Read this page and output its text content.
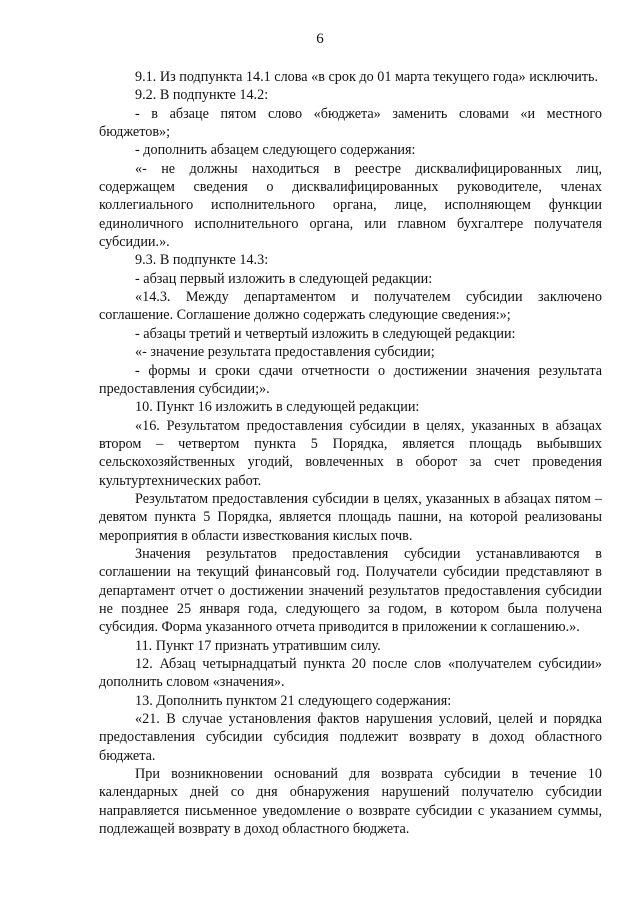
6

9.1. Из подпункта 14.1 слова «в срок до 01 марта текущего года» исключить.

9.2. В подпункте 14.2:

- в абзаце пятом слово «бюджета» заменить словами «и местного бюджетов»;

- дополнить абзацем следующего содержания:

«- не должны находиться в реестре дисквалифицированных лиц, содержащем сведения о дисквалифицированных руководителе, членах коллегиального исполнительного органа, лице, исполняющем функции единоличного исполнительного органа, или главном бухгалтере получателя субсидии.».

9.3. В подпункте 14.3:

- абзац первый изложить в следующей редакции:

«14.3. Между департаментом и получателем субсидии заключено соглашение. Соглашение должно содержать следующие сведения:»;

- абзацы третий и четвертый изложить в следующей редакции:

«- значение результата предоставления субсидии;

- формы и сроки сдачи отчетности о достижении значения результата предоставления субсидии;».

10. Пункт 16 изложить в следующей редакции:

«16. Результатом предоставления субсидии в целях, указанных в абзацах втором – четвертом пункта 5 Порядка, является площадь выбывших сельскохозяйственных угодий, вовлеченных в оборот за счет проведения культуртехнических работ.

Результатом предоставления субсидии в целях, указанных в абзацах пятом – девятом пункта 5 Порядка, является площадь пашни, на которой реализованы мероприятия в области известкования кислых почв.

Значения результатов предоставления субсидии устанавливаются в соглашении на текущий финансовый год. Получатели субсидии представляют в департамент отчет о достижении значений результатов предоставления субсидии не позднее 25 января года, следующего за годом, в котором была получена субсидия. Форма указанного отчета приводится в приложении к соглашению.».

11. Пункт 17 признать утратившим силу.

12. Абзац четырнадцатый пункта 20 после слов «получателем субсидии» дополнить словом «значения».

13. Дополнить пунктом 21 следующего содержания:

«21. В случае установления фактов нарушения условий, целей и порядка предоставления субсидии субсидия подлежит возврату в доход областного бюджета.

При возникновении оснований для возврата субсидии в течение 10 календарных дней со дня обнаружения нарушений получателю субсидии направляется письменное уведомление о возврате субсидии с указанием суммы, подлежащей возврату в доход областного бюджета.
